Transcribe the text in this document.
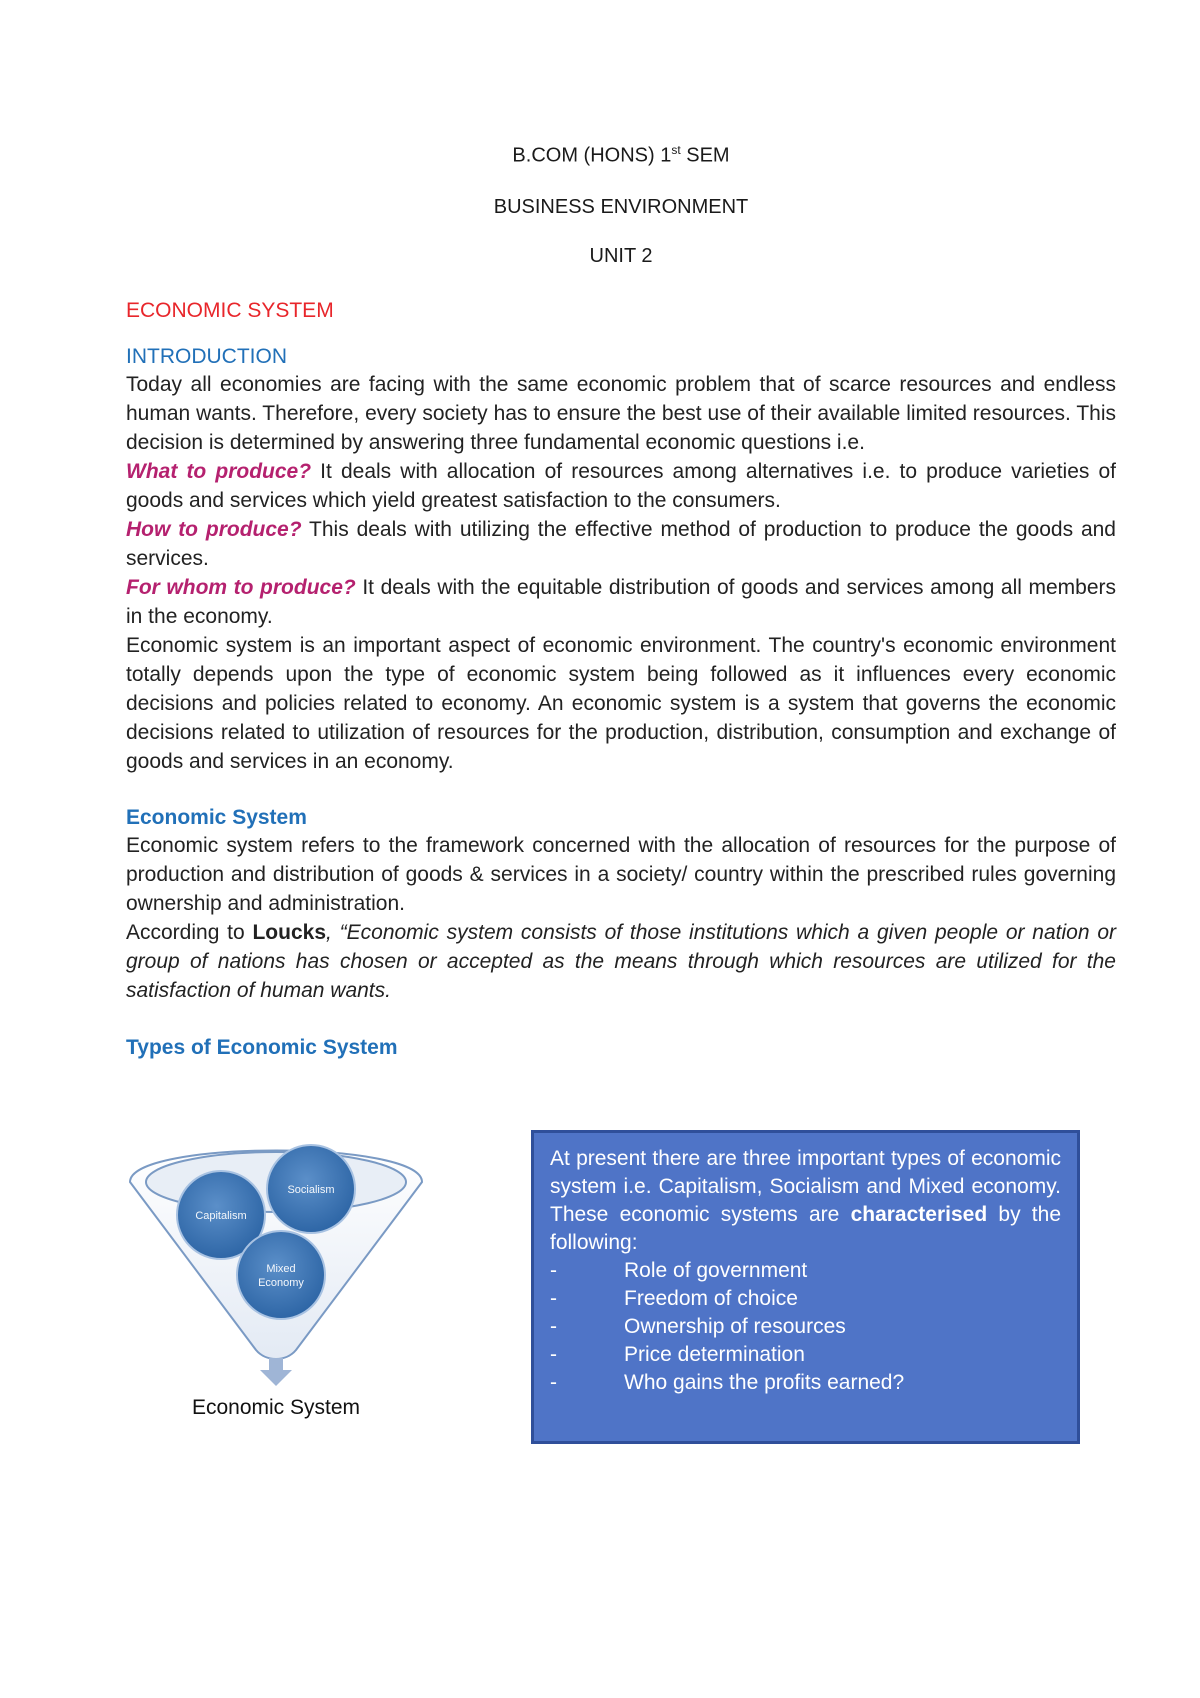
B.COM (HONS) 1st SEM

BUSINESS ENVIRONMENT

UNIT 2

ECONOMIC SYSTEM
INTRODUCTION

Today all economies are facing with the same economic problem that of scarce resources and endless human wants. Therefore, every society has to ensure the best use of their available limited resources. This decision is determined by answering three fundamental economic questions i.e.

What to produce? It deals with allocation of resources among alternatives i.e. to produce varieties of goods and services which yield greatest satisfaction to the consumers.

How to produce? This deals with utilizing the effective method of production to produce the goods and services.

For whom to produce? It deals with the equitable distribution of goods and services among all members in the economy.

Economic system is an important aspect of economic environment. The country's economic environment totally depends upon the type of economic system being followed as it influences every economic decisions and policies related to economy. An economic system is a system that governs the economic decisions related to utilization of resources for the production, distribution, consumption and exchange of goods and services in an economy.

Economic System

Economic system refers to the framework concerned with the allocation of resources for the purpose of production and distribution of goods & services in a society/ country within the prescribed rules governing ownership and administration.

According to Loucks, “Economic system consists of those institutions which a given people or nation or group of nations has chosen or accepted as the means through which resources are utilized for the satisfaction of human wants.

Types of Economic System
Capitalism
Socialism
Mixed
Economy
Economic System

At present there are three important types of economic system i.e. Capitalism, Socialism and Mixed economy. These economic systems are characterised by the following:

-	Role of government
-	Freedom of choice
-	Ownership of resources
-	Price determination
-	Who gains the profits earned?
